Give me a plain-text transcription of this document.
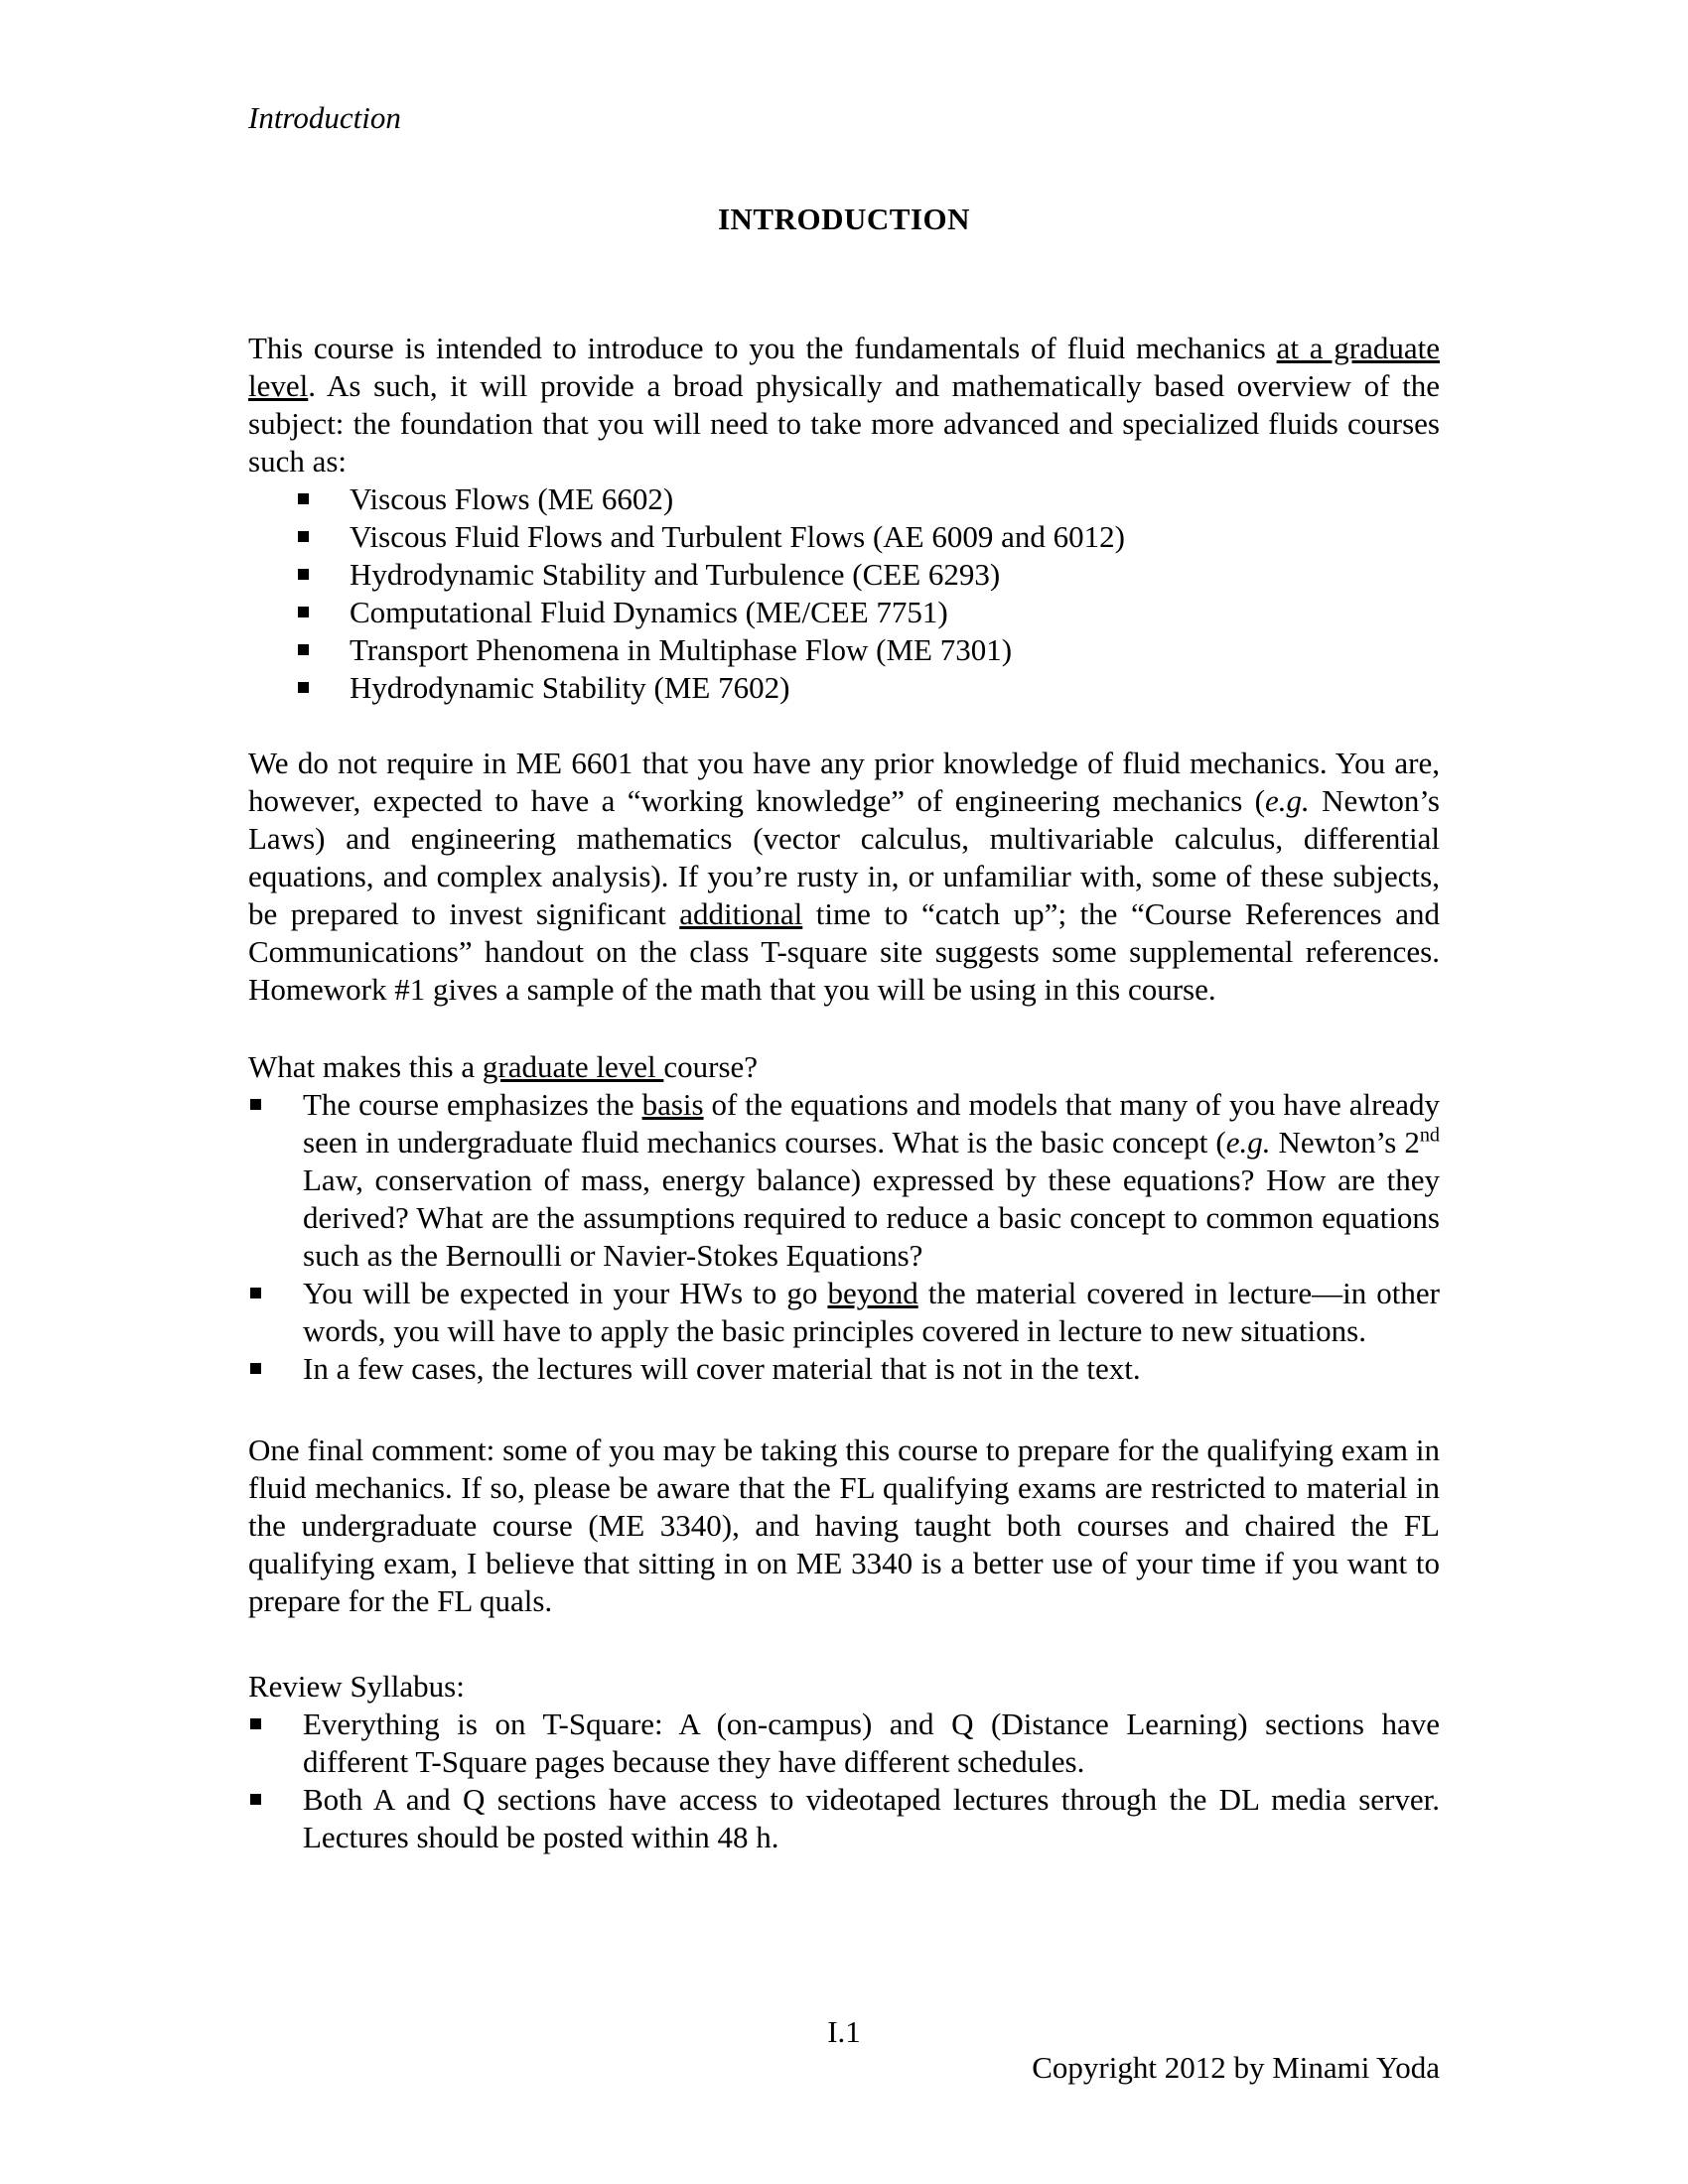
Introduction
INTRODUCTION

This course is intended to introduce to you the fundamentals of fluid mechanics at a graduate level. As such, it will provide a broad physically and mathematically based overview of the subject: the foundation that you will need to take more advanced and specialized fluids courses such as:

Viscous Flows (ME 6602)
Viscous Fluid Flows and Turbulent Flows (AE 6009 and 6012)
Hydrodynamic Stability and Turbulence (CEE 6293)
Computational Fluid Dynamics (ME/CEE 7751)
Transport Phenomena in Multiphase Flow (ME 7301)
Hydrodynamic Stability (ME 7602)

We do not require in ME 6601 that you have any prior knowledge of fluid mechanics. You are, however, expected to have a “working knowledge” of engineering mechanics (e.g. Newton’s Laws) and engineering mathematics (vector calculus, multivariable calculus, differential equations, and complex analysis). If you’re rusty in, or unfamiliar with, some of these subjects, be prepared to invest significant additional time to “catch up”; the “Course References and Communications” handout on the class T-square site suggests some supplemental references. Homework #1 gives a sample of the math that you will be using in this course.

What makes this a graduate level course?

The course emphasizes the basis of the equations and models that many of you have already seen in undergraduate fluid mechanics courses. What is the basic concept (e.g. Newton’s 2nd Law, conservation of mass, energy balance) expressed by these equations? How are they derived? What are the assumptions required to reduce a basic concept to common equations such as the Bernoulli or Navier-Stokes Equations?
You will be expected in your HWs to go beyond the material covered in lecture—in other words, you will have to apply the basic principles covered in lecture to new situations.
In a few cases, the lectures will cover material that is not in the text.

One final comment: some of you may be taking this course to prepare for the qualifying exam in fluid mechanics. If so, please be aware that the FL qualifying exams are restricted to material in the undergraduate course (ME 3340), and having taught both courses and chaired the FL qualifying exam, I believe that sitting in on ME 3340 is a better use of your time if you want to prepare for the FL quals.

Review Syllabus:

Everything is on T-Square: A (on-campus) and Q (Distance Learning) sections have different T-Square pages because they have different schedules.
Both A and Q sections have access to videotaped lectures through the DL media server. Lectures should be posted within 48 h.
I.1
Copyright 2012 by Minami Yoda
